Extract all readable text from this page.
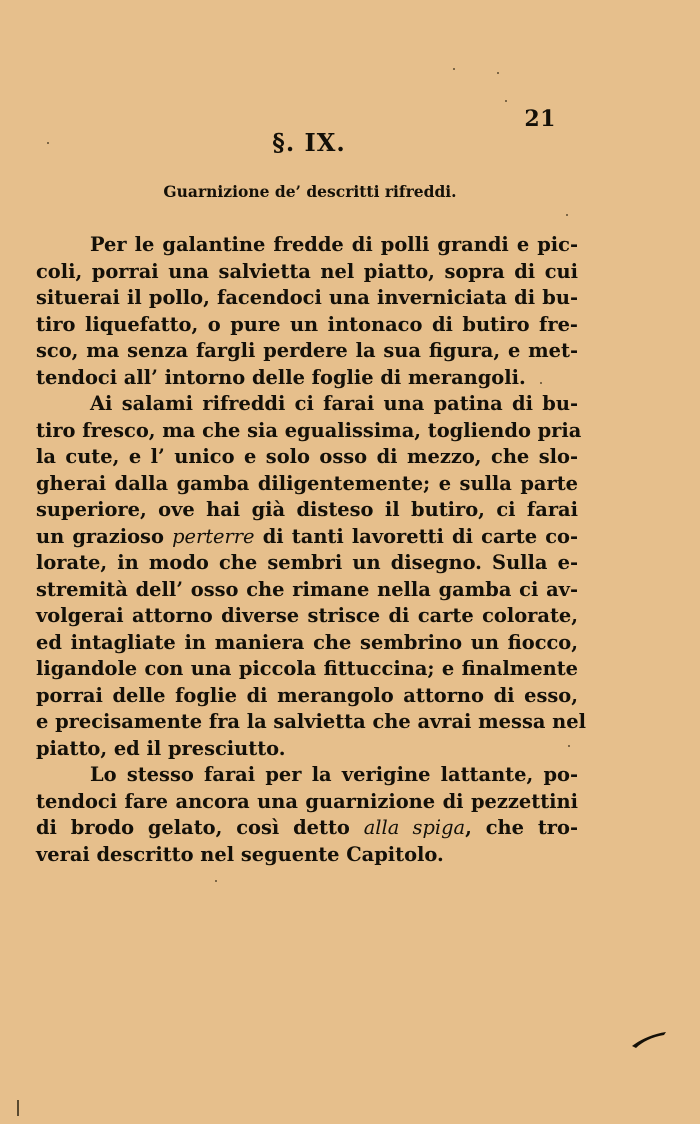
21
§. IX.
Guarnizione de’ descritti rifreddi.
Per le galantine fredde di polli grandi e pic-
coli, porrai una salvietta nel piatto, sopra di cui
situerai il pollo, facendoci una inverniciata di bu-
tiro liquefatto, o pure un intonaco di butiro fre-
sco, ma senza fargli perdere la sua figura, e met-
tendoci all’ intorno delle foglie di merangoli.
Ai salami rifreddi ci farai una patina di bu-
tiro fresco, ma che sia egualissima, togliendo pria
la cute, e l’ unico e solo osso di mezzo, che slo-
gherai dalla gamba diligentemente; e sulla parte
superiore, ove hai già disteso il butiro, ci farai
un grazioso perterre di tanti lavoretti di carte co-
lorate, in modo che sembri un disegno. Sulla e-
stremità dell’ osso che rimane nella gamba ci av-
volgerai attorno diverse strisce di carte colorate,
ed intagliate in maniera che sembrino un fiocco,
ligandole con una piccola fittuccina; e finalmente
porrai delle foglie di merangolo attorno di esso,
e precisamente fra la salvietta che avrai messa nel
piatto, ed il presciutto.
Lo stesso farai per la verigine lattante, po-
tendoci fare ancora una guarnizione di pezzettini
di brodo gelato, così detto alla spiga, che tro-
verai descritto nel seguente Capitolo.
